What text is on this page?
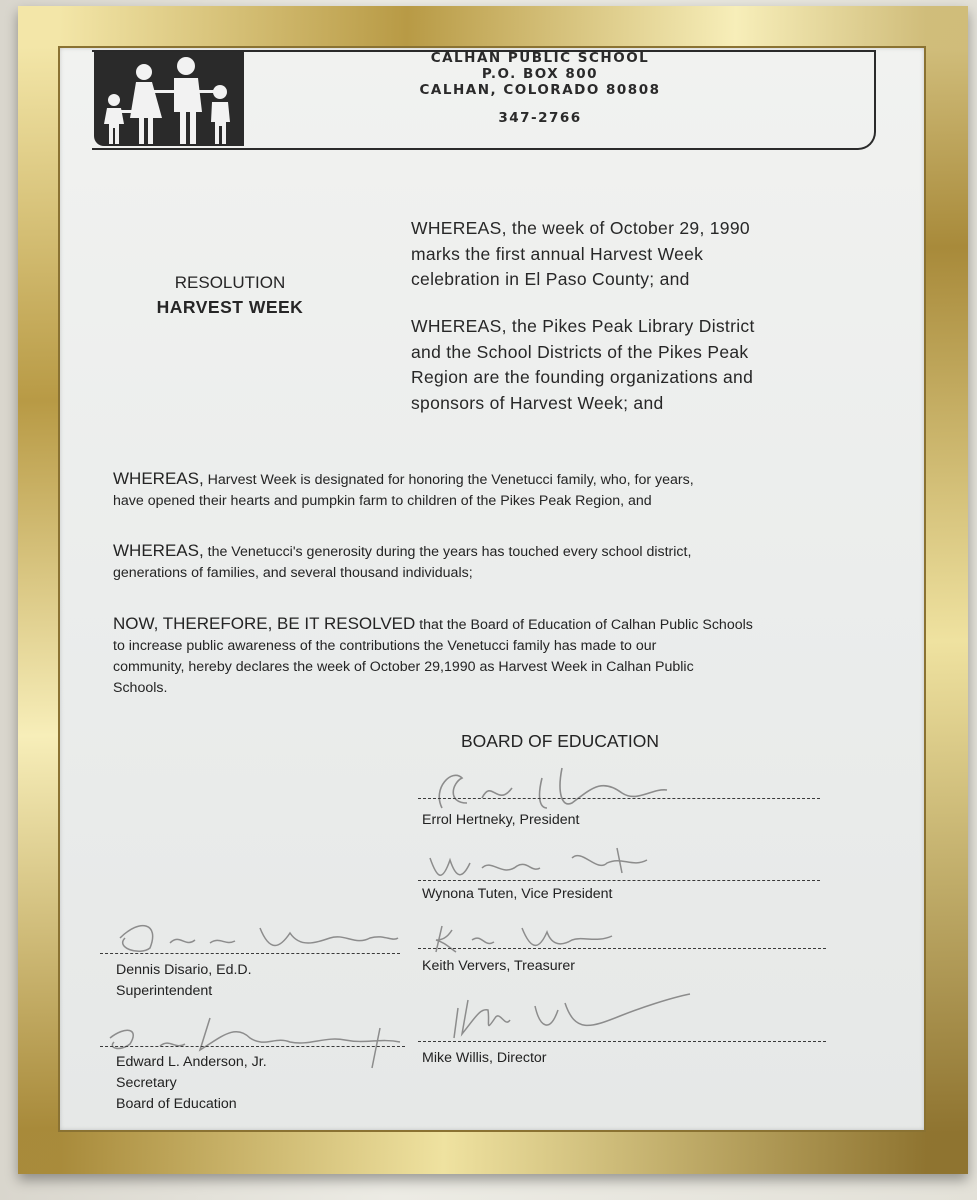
CALHAN PUBLIC SCHOOL
P.O. BOX 800
CALHAN, COLORADO 80808
347-2766
RESOLUTION
HARVEST WEEK
WHEREAS, the week of October 29, 1990
marks the first annual Harvest Week
celebration in El Paso County; and
WHEREAS, the Pikes Peak Library District
and the School Districts of the Pikes Peak
Region are the founding organizations and
sponsors of Harvest Week; and
WHEREAS, Harvest Week is designated for honoring the Venetucci family, who, for years,
have opened their hearts and pumpkin farm to children of the Pikes Peak Region, and
WHEREAS, the Venetucci's generosity during the years has touched every school district,
generations of families, and several thousand individuals;
NOW, THEREFORE, BE IT RESOLVED that the Board of Education of Calhan Public Schools
to increase public awareness of the contributions the Venetucci family has made to our
community, hereby declares the week of October 29,1990 as Harvest Week in Calhan Public
Schools.
BOARD OF EDUCATION
Errol Hertneky, President
Wynona Tuten, Vice President
Dennis Disario, Ed.D.
Superintendent
Keith Ververs, Treasurer
Edward L. Anderson, Jr.
Secretary
Board of Education
Mike Willis, Director
